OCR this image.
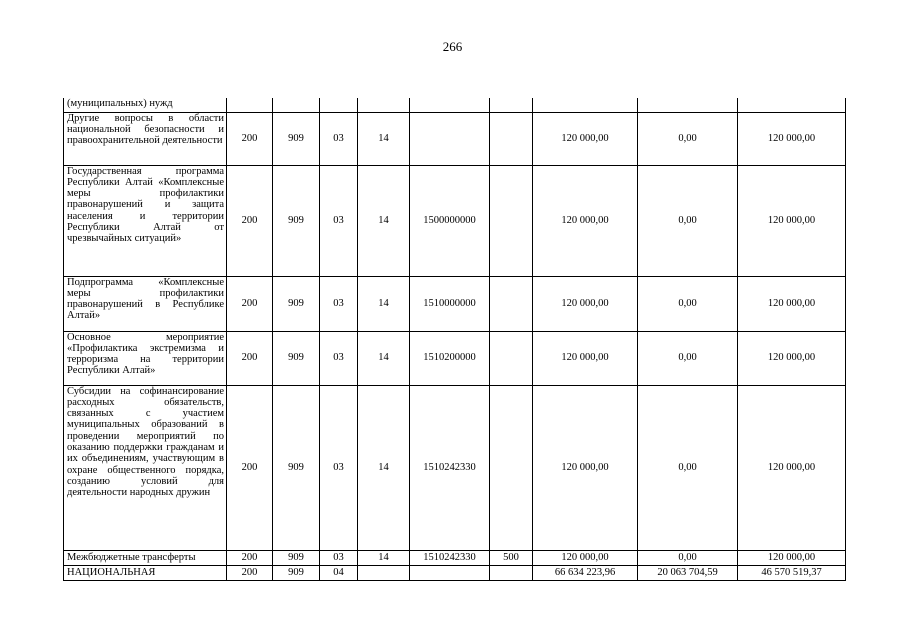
266
(муниципальных) нужд									
Другие вопросы в области национальной безопасности и правоохранительной деятельности	200	909	03	14			120 000,00	0,00	120 000,00
Государственная программа Республики Алтай «Комплексные меры профилактики правонарушений и защита населения и территории Республики Алтай от чрезвычайных ситуаций»	200	909	03	14	1500000000		120 000,00	0,00	120 000,00
Подпрограмма «Комплексные меры профилактики правонарушений в Республике Алтай»	200	909	03	14	1510000000		120 000,00	0,00	120 000,00
Основное мероприятие «Профилактика экстремизма и терроризма на территории Республики Алтай»	200	909	03	14	1510200000		120 000,00	0,00	120 000,00
Субсидии на софинансирование расходных обязательств, связанных с участием муниципальных образований в проведении мероприятий по оказанию поддержки гражданам и их объединениям, участвующим в охране общественного порядка, созданию условий для деятельности народных дружин	200	909	03	14	1510242330		120 000,00	0,00	120 000,00
Межбюджетные трансферты	200	909	03	14	1510242330	500	120 000,00	0,00	120 000,00
НАЦИОНАЛЬНАЯ	200	909	04				66 634 223,96	20 063 704,59	46 570 519,37
